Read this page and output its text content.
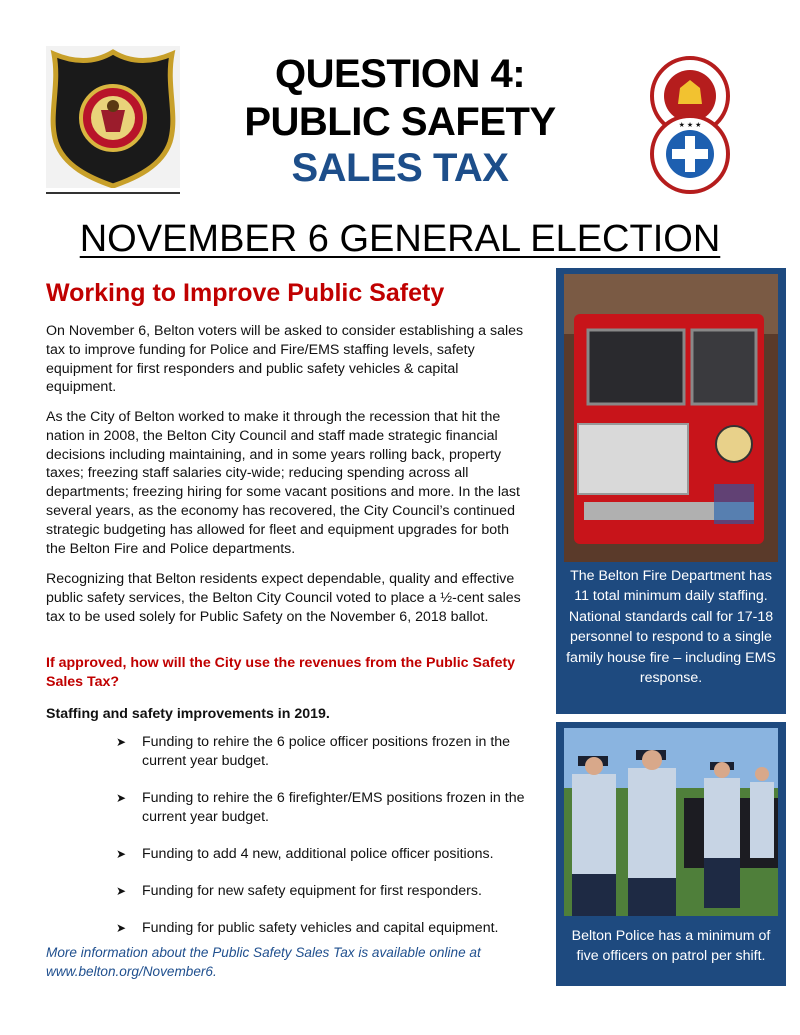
★ ★ ★
QUESTION 4:
PUBLIC SAFETY
SALES TAX
NOVEMBER 6 GENERAL ELECTION
Working to Improve Public Safety
On November 6, Belton voters will be asked to consider establishing a sales tax to improve funding for Police and Fire/EMS staffing levels, safety equipment for first responders and public safety vehicles & capital equipment.
As the City of Belton worked to make it through the recession that hit the nation in 2008, the Belton City Council and staff made strategic financial decisions including maintaining, and in some years rolling back, property taxes; freezing staff salaries city-wide; reducing spending across all departments; freezing hiring for some vacant positions and more. In the last several years, as the economy has recovered, the City Council’s continued strategic budgeting has allowed for fleet and equipment upgrades for both the Belton Fire and Police departments.
Recognizing that Belton residents expect dependable, quality and effective public safety services, the Belton City Council voted to place a ½-cent sales tax to be used solely for Public Safety on the November 6, 2018 ballot.
If approved, how will the City use the revenues from the Public Safety Sales Tax?
Staffing and safety improvements in 2019.
➤ Funding to rehire the 6 police officer positions frozen in the current year budget.
➤ Funding to rehire the 6 firefighter/EMS positions frozen in the current year budget.
➤ Funding to add 4 new, additional police officer positions.
➤ Funding for new safety equipment for first responders.
➤ Funding for public safety vehicles and capital equipment.
More information about the Public Safety Sales Tax is available online at www.belton.org/November6.
The Belton Fire Department has 11 total minimum daily staffing. National standards call for 17-18 personnel to respond to a single family house fire – including EMS response.
Belton Police has a minimum of five officers on patrol per shift.
